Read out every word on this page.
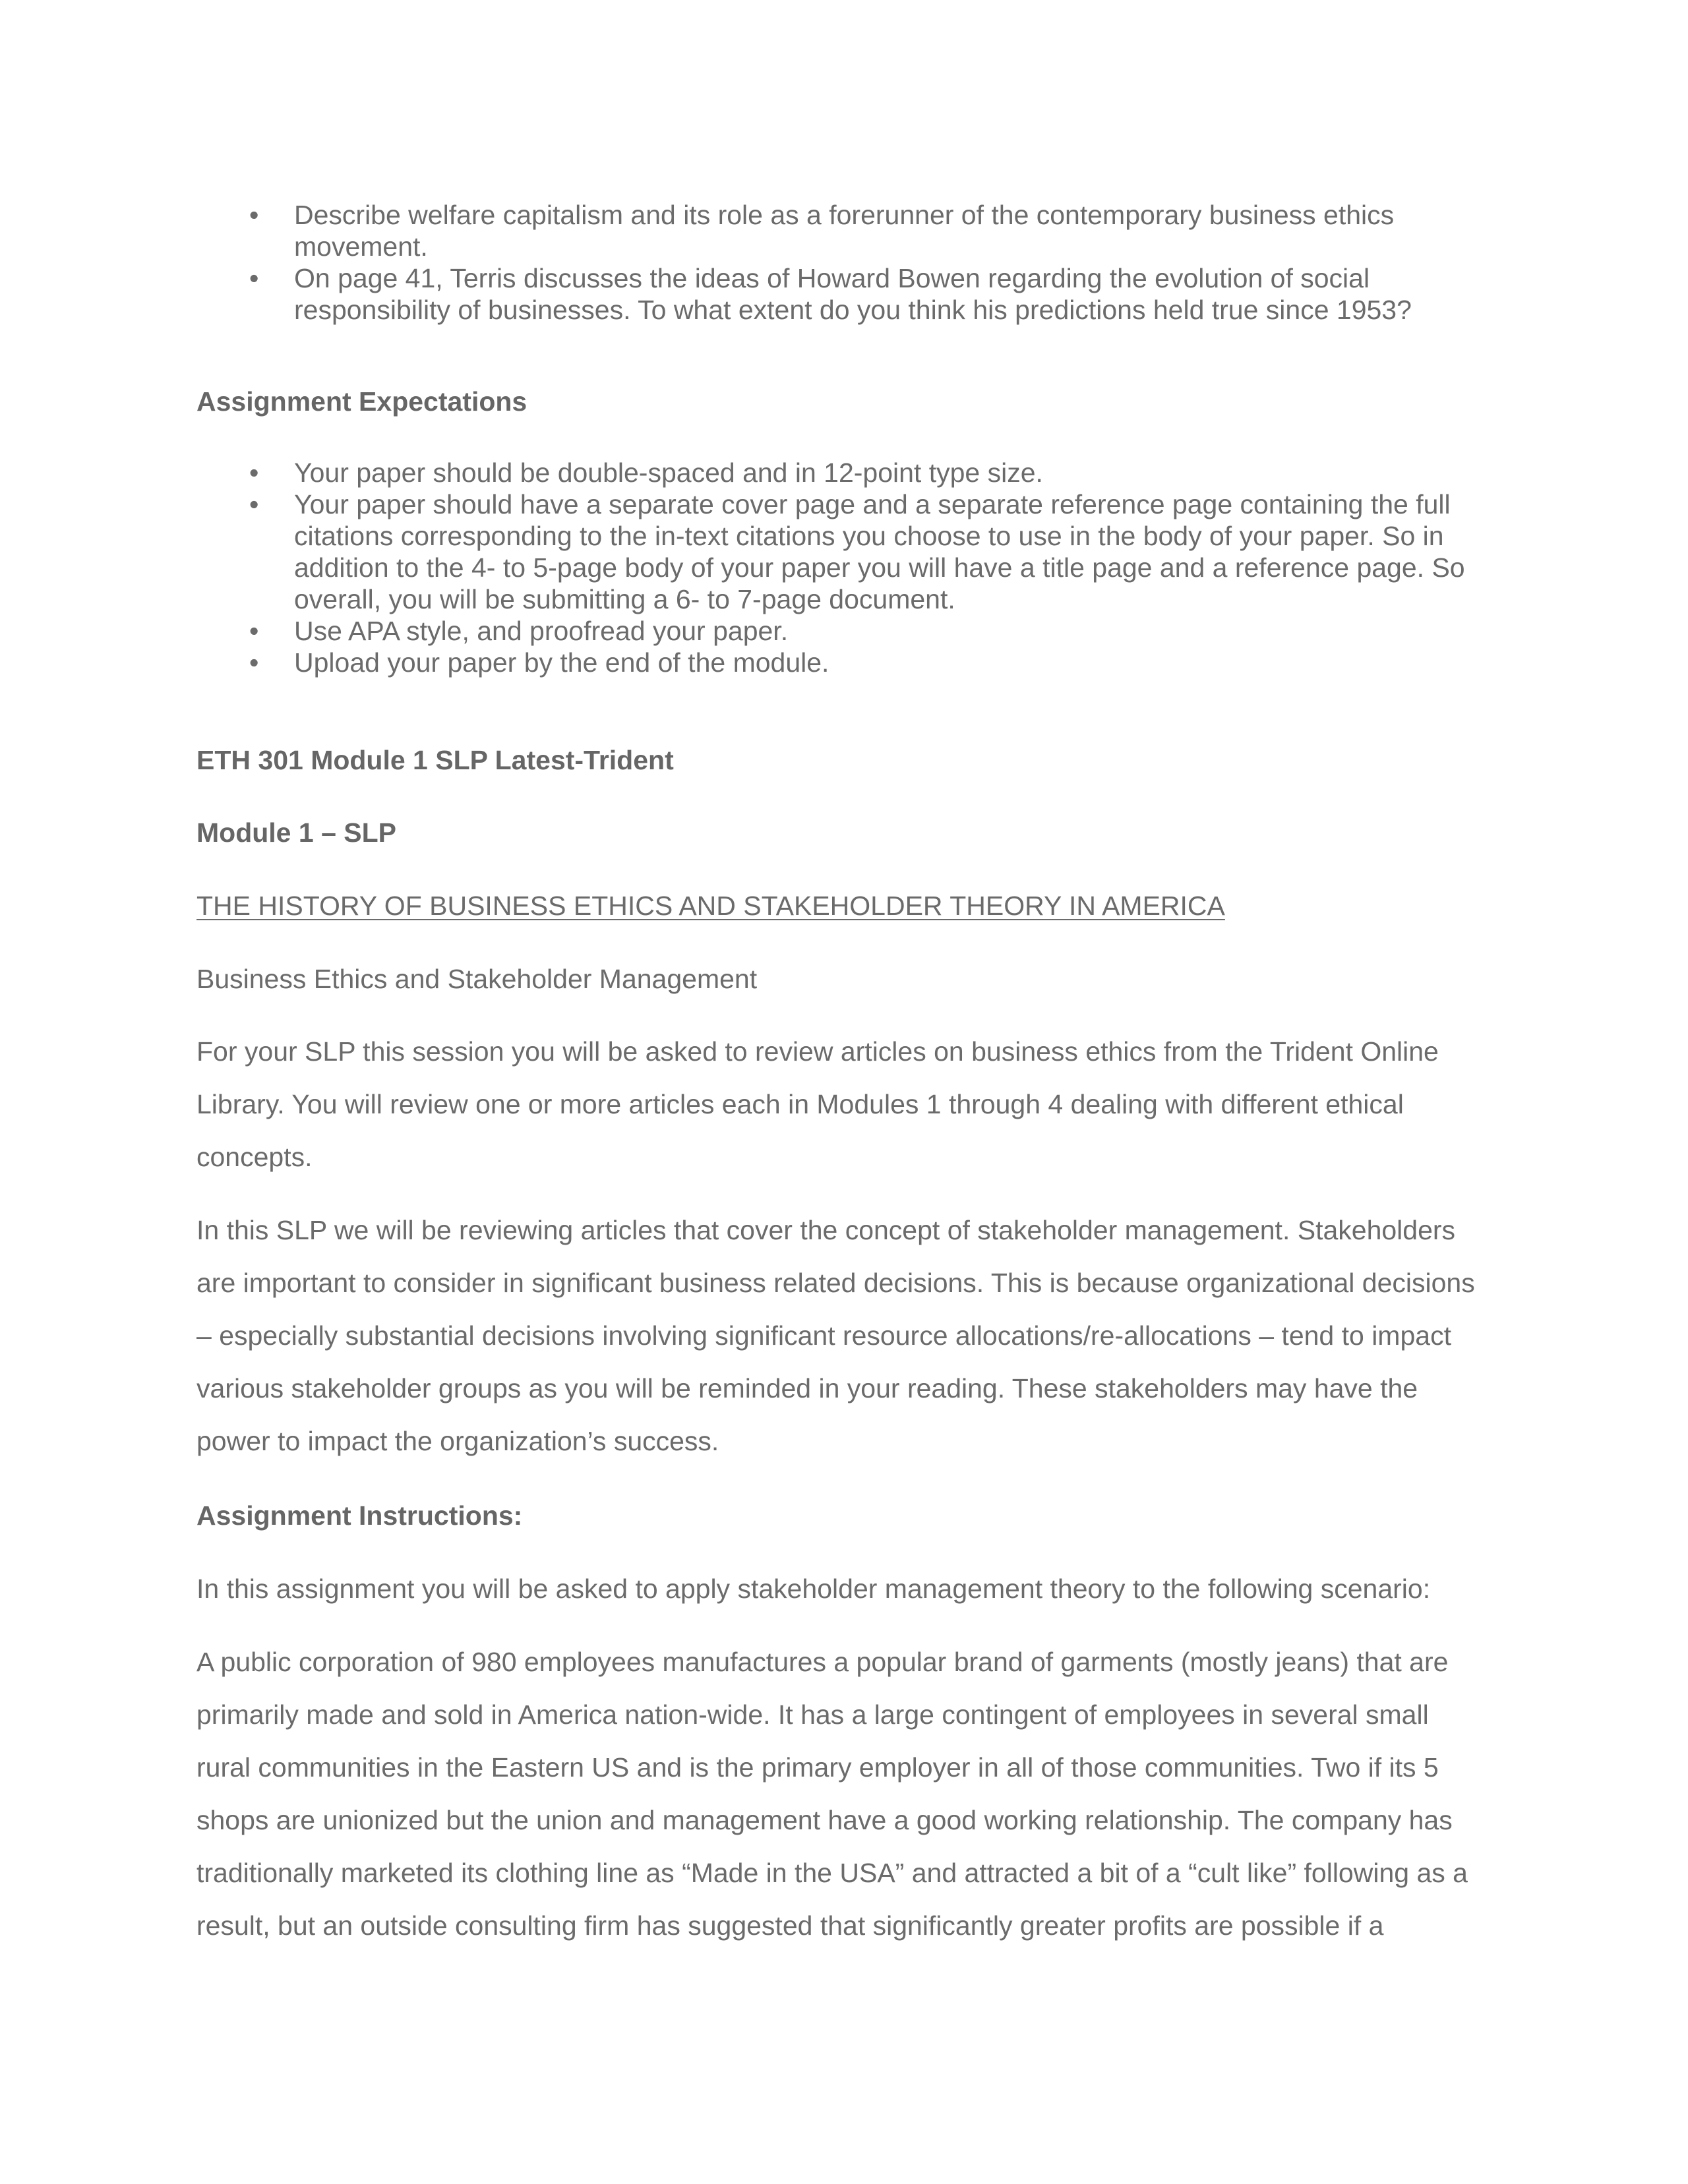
• Describe welfare capitalism and its role as a forerunner of the contemporary business ethics movement.
• On page 41, Terris discusses the ideas of Howard Bowen regarding the evolution of social responsibility of businesses. To what extent do you think his predictions held true since 1953?
Assignment Expectations
• Your paper should be double-spaced and in 12-point type size.
• Your paper should have a separate cover page and a separate reference page containing the full citations corresponding to the in-text citations you choose to use in the body of your paper. So in addition to the 4- to 5-page body of your paper you will have a title page and a reference page. So overall, you will be submitting a 6- to 7-page document.
• Use APA style, and proofread your paper.
• Upload your paper by the end of the module.
ETH 301 Module 1 SLP Latest-Trident
Module 1 – SLP
THE HISTORY OF BUSINESS ETHICS AND STAKEHOLDER THEORY IN AMERICA
Business Ethics and Stakeholder Management

For your SLP this session you will be asked to review articles on business ethics from the Trident Online Library. You will review one or more articles each in Modules 1 through 4 dealing with different ethical concepts.

In this SLP we will be reviewing articles that cover the concept of stakeholder management. Stakeholders are important to consider in significant business related decisions. This is because organizational decisions – especially substantial decisions involving significant resource allocations/re-allocations – tend to impact various stakeholder groups as you will be reminded in your reading. These stakeholders may have the power to impact the organization’s success.

Assignment Instructions:
In this assignment you will be asked to apply stakeholder management theory to the following scenario:

A public corporation of 980 employees manufactures a popular brand of garments (mostly jeans) that are primarily made and sold in America nation-wide. It has a large contingent of employees in several small rural communities in the Eastern US and is the primary employer in all of those communities. Two if its 5 shops are unionized but the union and management have a good working relationship. The company has traditionally marketed its clothing line as “Made in the USA” and attracted a bit of a “cult like” following as a result, but an outside consulting firm has suggested that significantly greater profits are possible if a
